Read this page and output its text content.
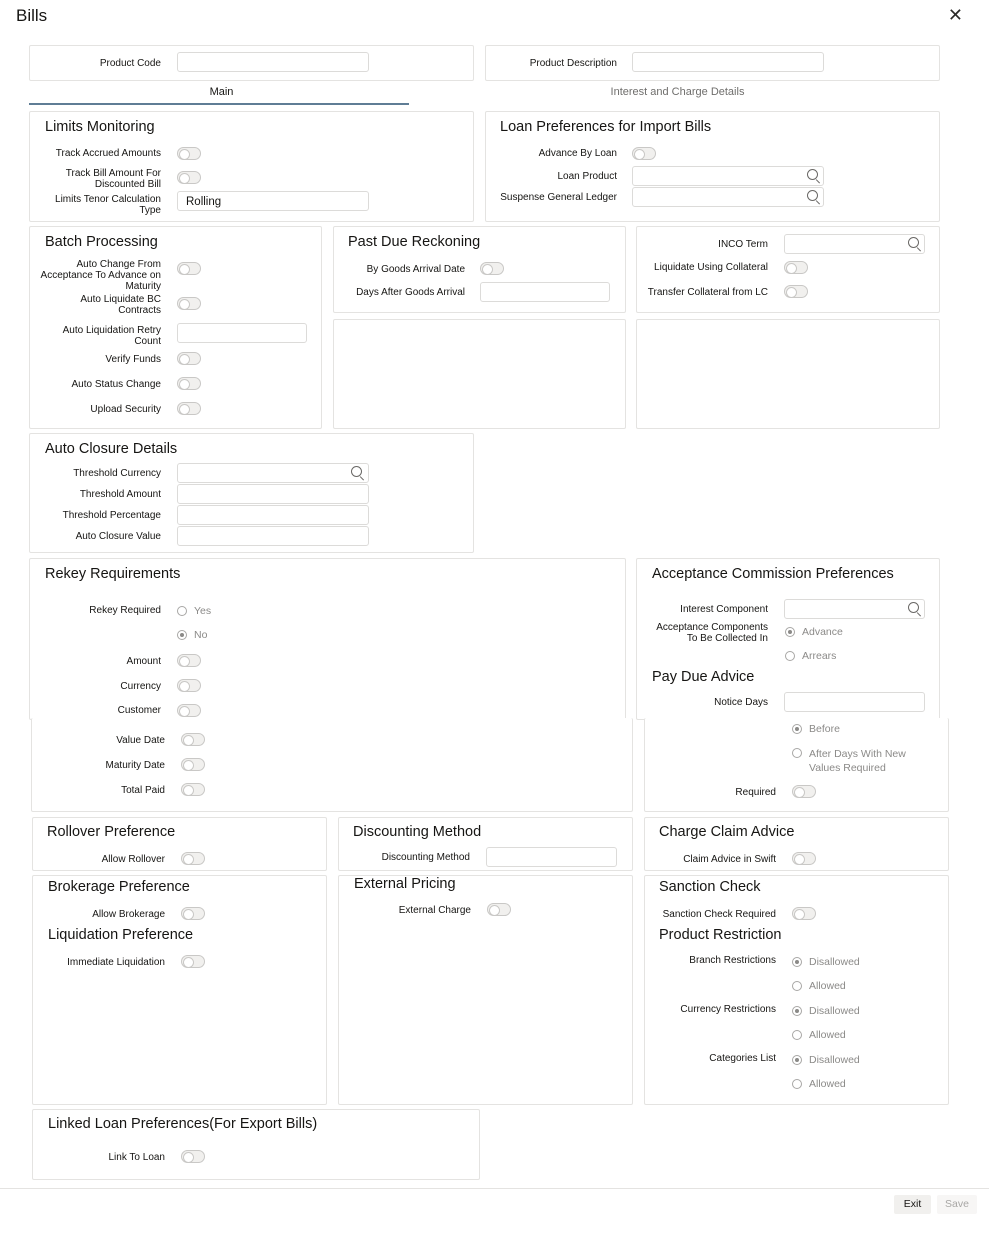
Bills	✕
Product Code	Product Description
Main	Interest and Charge Details
Limits Monitoring
Track Accrued Amounts
Track Bill Amount For
Discounted Bill
Limits Tenor Calculation
Type
Rolling
Loan Preferences for Import Bills
Advance By Loan
Loan Product
Suspense General Ledger
Batch Processing
Auto Change From
Acceptance To Advance on
Maturity
Auto Liquidate BC
Contracts
Auto Liquidation Retry
Count
Verify Funds
Auto Status Change
Upload Security
Past Due Reckoning
By Goods Arrival Date
Days After Goods Arrival
INCO Term
Liquidate Using Collateral
Transfer Collateral from LC
Auto Closure Details
Threshold Currency
Threshold Amount
Threshold Percentage
Auto Closure Value
Rekey Requirements
Rekey Required	Yes
No
Amount
Currency
Customer
Value Date
Maturity Date
Total Paid
Acceptance Commission Preferences
Interest Component
Acceptance Components
To Be Collected In
Advance
Arrears
Pay Due Advice
Notice Days
Before
After Days With New
Values Required
Required
Rollover Preference
Allow Rollover
Discounting Method
Discounting Method
Charge Claim Advice
Claim Advice in Swift
Brokerage Preference
Allow Brokerage
Liquidation Preference
Immediate Liquidation
External Pricing
External Charge
Sanction Check
Sanction Check Required
Product Restriction
Branch Restrictions	Disallowed
Allowed
Currency Restrictions	Disallowed
Allowed
Categories List	Disallowed
Allowed
Linked Loan Preferences(For Export Bills)
Link To Loan
Exit	Save
